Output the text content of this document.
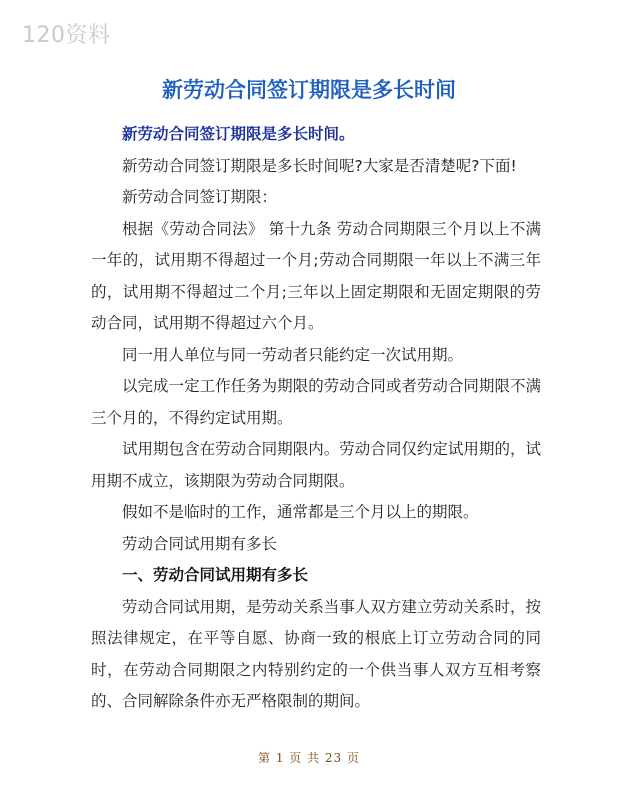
120资料
新劳动合同签订期限是多长时间

新劳动合同签订期限是多长时间。

新劳动合同签订期限是多长时间呢?大家是否清楚呢?下面!

新劳动合同签订期限：

根据《劳动合同法》 第十九条 劳动合同期限三个月以上不满一年的，试用期不得超过一个月;劳动合同期限一年以上不满三年的，试用期不得超过二个月;三年以上固定期限和无固定期限的劳动合同，试用期不得超过六个月。

同一用人单位与同一劳动者只能约定一次试用期。

以完成一定工作任务为期限的劳动合同或者劳动合同期限不满三个月的，不得约定试用期。

试用期包含在劳动合同期限内。劳动合同仅约定试用期的，试用期不成立，该期限为劳动合同期限。

假如不是临时的工作，通常都是三个月以上的期限。

劳动合同试用期有多长

一、劳动合同试用期有多长

劳动合同试用期，是劳动关系当事人双方建立劳动关系时，按照法律规定，在平等自愿、协商一致的根底上订立劳动合同的同时，在劳动合同期限之内特别约定的一个供当事人双方互相考察的、合同解除条件亦无严格限制的期间。

第 1 页 共 23 页
